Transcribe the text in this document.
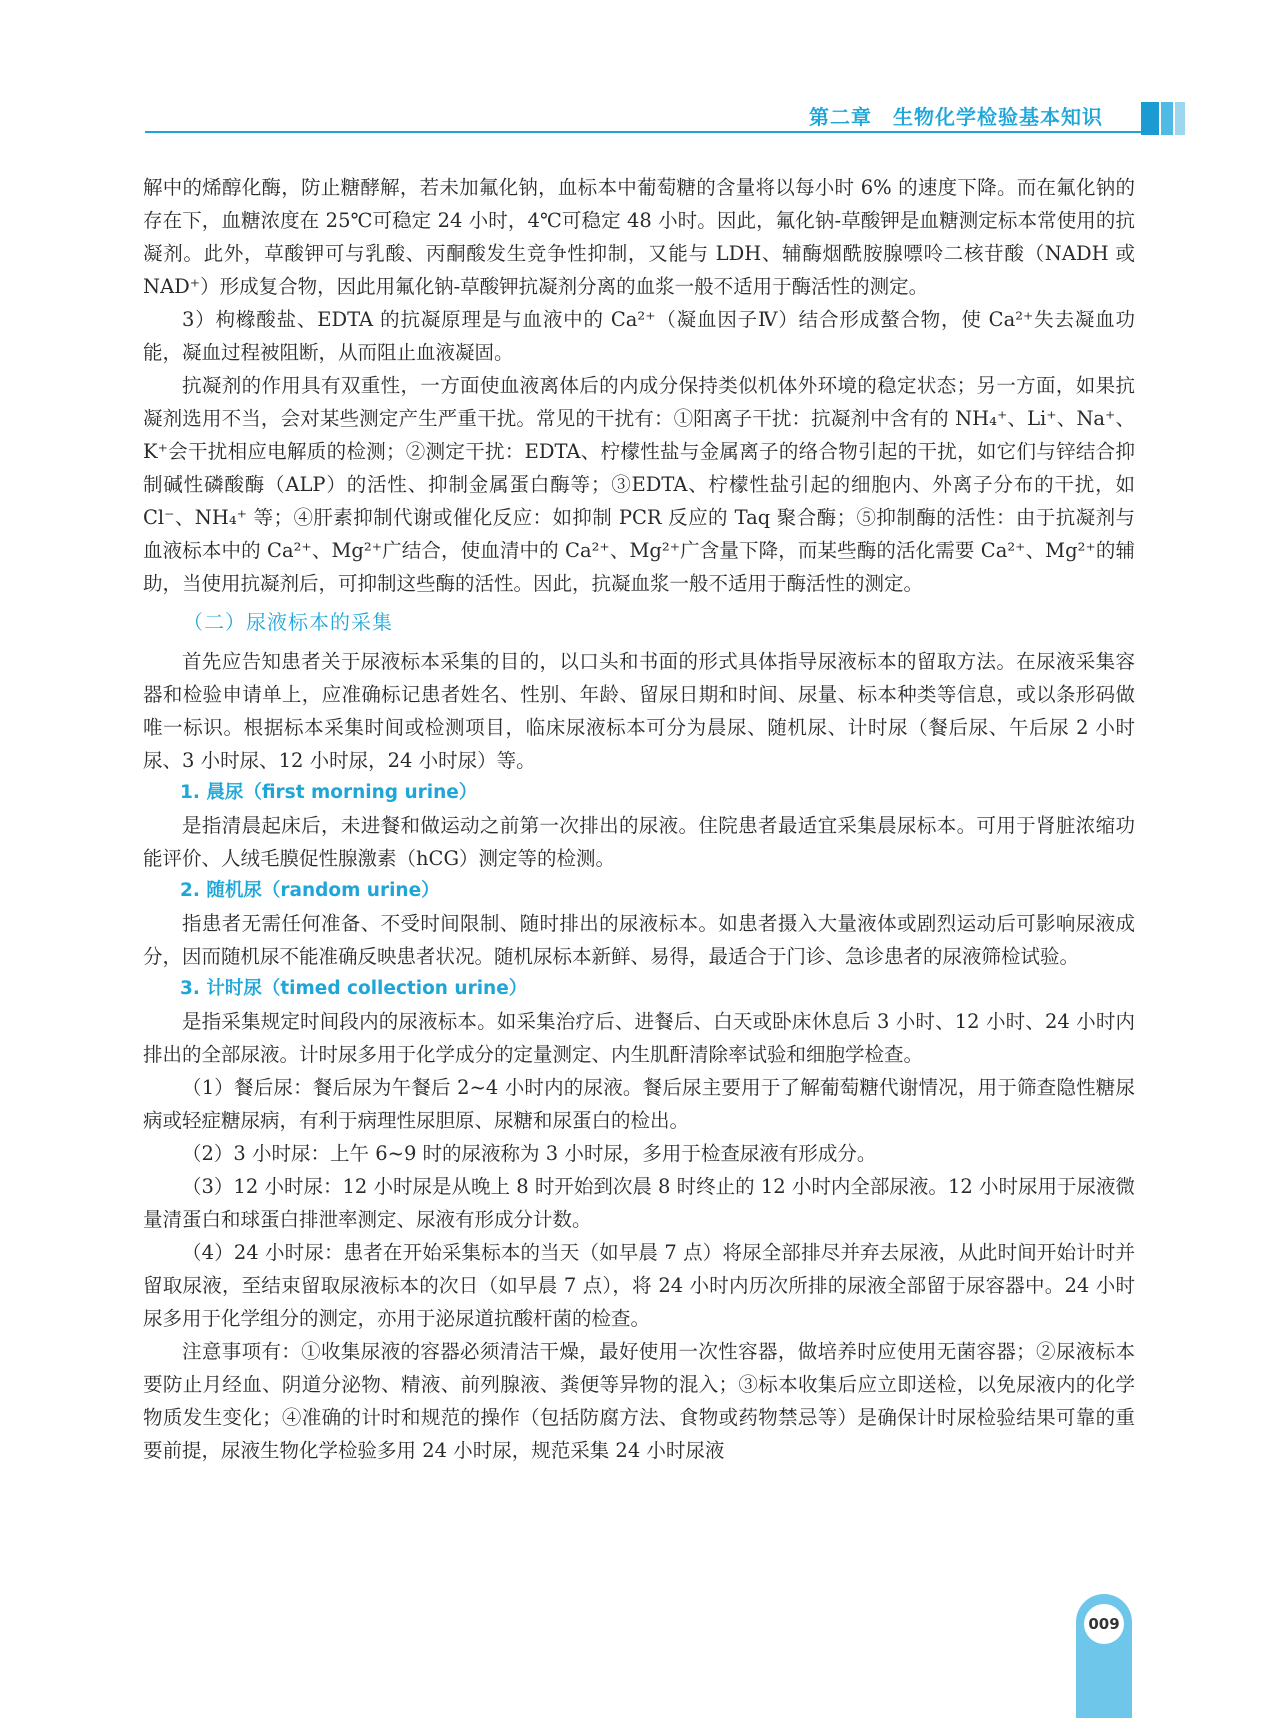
第二章　生物化学检验基本知识

解中的烯醇化酶，防止糖酵解，若未加氟化钠，血标本中葡萄糖的含量将以每小时 6% 的速度下降。而在氟化钠的存在下，血糖浓度在 25℃可稳定 24 小时，4℃可稳定 48 小时。因此，氟化钠-草酸钾是血糖测定标本常使用的抗凝剂。此外，草酸钾可与乳酸、丙酮酸发生竞争性抑制，又能与 LDH、辅酶烟酰胺腺嘌呤二核苷酸（NADH 或 NAD⁺）形成复合物，因此用氟化钠-草酸钾抗凝剂分离的血浆一般不适用于酶活性的测定。

3）枸橼酸盐、EDTA 的抗凝原理是与血液中的 Ca²⁺（凝血因子Ⅳ）结合形成螯合物，使 Ca²⁺失去凝血功能，凝血过程被阻断，从而阻止血液凝固。

抗凝剂的作用具有双重性，一方面使血液离体后的内成分保持类似机体外环境的稳定状态；另一方面，如果抗凝剂选用不当，会对某些测定产生严重干扰。常见的干扰有：①阳离子干扰：抗凝剂中含有的 NH₄⁺、Li⁺、Na⁺、K⁺会干扰相应电解质的检测；②测定干扰：EDTA、柠檬性盐与金属离子的络合物引起的干扰，如它们与锌结合抑制碱性磷酸酶（ALP）的活性、抑制金属蛋白酶等；③EDTA、柠檬性盐引起的细胞内、外离子分布的干扰，如 Cl⁻、NH₄⁺ 等；④肝素抑制代谢或催化反应：如抑制 PCR 反应的 Taq 聚合酶；⑤抑制酶的活性：由于抗凝剂与血液标本中的 Ca²⁺、Mg²⁺广结合，使血清中的 Ca²⁺、Mg²⁺广含量下降，而某些酶的活化需要 Ca²⁺、Mg²⁺的辅助，当使用抗凝剂后，可抑制这些酶的活性。因此，抗凝血浆一般不适用于酶活性的测定。

（二）尿液标本的采集

首先应告知患者关于尿液标本采集的目的，以口头和书面的形式具体指导尿液标本的留取方法。在尿液采集容器和检验申请单上，应准确标记患者姓名、性别、年龄、留尿日期和时间、尿量、标本种类等信息，或以条形码做唯一标识。根据标本采集时间或检测项目，临床尿液标本可分为晨尿、随机尿、计时尿（餐后尿、午后尿 2 小时尿、3 小时尿、12 小时尿，24 小时尿）等。

1. 晨尿（first morning urine）

是指清晨起床后，未进餐和做运动之前第一次排出的尿液。住院患者最适宜采集晨尿标本。可用于肾脏浓缩功能评价、人绒毛膜促性腺激素（hCG）测定等的检测。

2. 随机尿（random urine）

指患者无需任何准备、不受时间限制、随时排出的尿液标本。如患者摄入大量液体或剧烈运动后可影响尿液成分，因而随机尿不能准确反映患者状况。随机尿标本新鲜、易得，最适合于门诊、急诊患者的尿液筛检试验。

3. 计时尿（timed collection urine）

是指采集规定时间段内的尿液标本。如采集治疗后、进餐后、白天或卧床休息后 3 小时、12 小时、24 小时内排出的全部尿液。计时尿多用于化学成分的定量测定、内生肌酐清除率试验和细胞学检查。

（1）餐后尿：餐后尿为午餐后 2~4 小时内的尿液。餐后尿主要用于了解葡萄糖代谢情况，用于筛查隐性糖尿病或轻症糖尿病，有利于病理性尿胆原、尿糖和尿蛋白的检出。

（2）3 小时尿：上午 6~9 时的尿液称为 3 小时尿，多用于检查尿液有形成分。

（3）12 小时尿：12 小时尿是从晚上 8 时开始到次晨 8 时终止的 12 小时内全部尿液。12 小时尿用于尿液微量清蛋白和球蛋白排泄率测定、尿液有形成分计数。

（4）24 小时尿：患者在开始采集标本的当天（如早晨 7 点）将尿全部排尽并弃去尿液，从此时间开始计时并留取尿液，至结束留取尿液标本的次日（如早晨 7 点），将 24 小时内历次所排的尿液全部留于尿容器中。24 小时尿多用于化学组分的测定，亦用于泌尿道抗酸杆菌的检查。

注意事项有：①收集尿液的容器必须清洁干燥，最好使用一次性容器，做培养时应使用无菌容器；②尿液标本要防止月经血、阴道分泌物、精液、前列腺液、粪便等异物的混入；③标本收集后应立即送检，以免尿液内的化学物质发生变化；④准确的计时和规范的操作（包括防腐方法、食物或药物禁忌等）是确保计时尿检验结果可靠的重要前提，尿液生物化学检验多用 24 小时尿，规范采集 24 小时尿液

009
